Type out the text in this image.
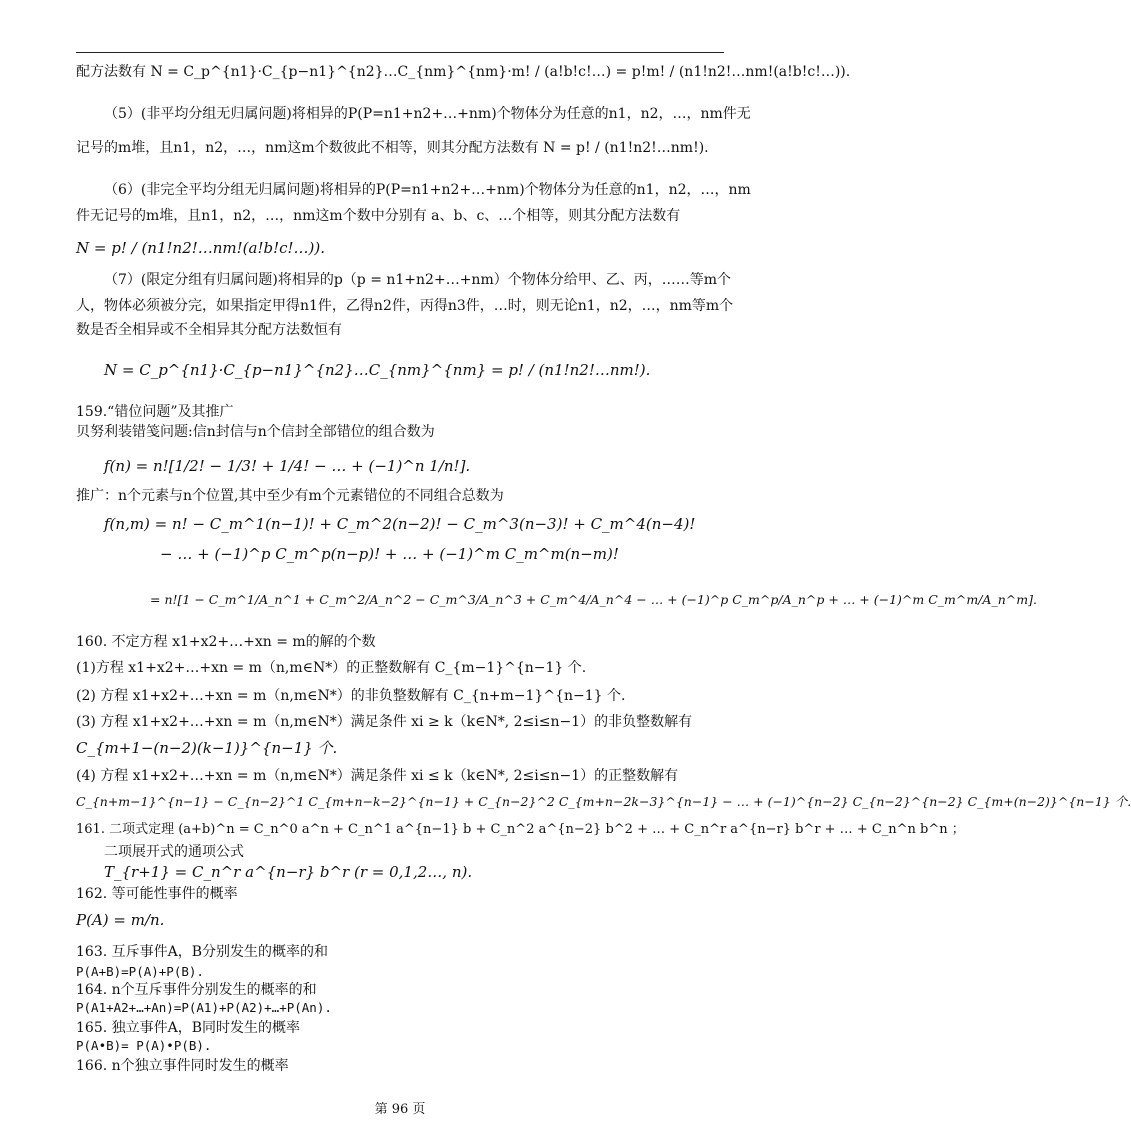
配方法数有 N = C_p^{n1}·C_{p−n1}^{n2}…C_{nm}^{nm}·m! / (a!b!c!…) = p!m! / (n1!n2!…nm!(a!b!c!…)).
（5）(非平均分组无归属问题)将相异的P(P=n1+n2+…+nm)个物体分为任意的n1，n2，…，nm件无
记号的m堆，且n1，n2，…，nm这m个数彼此不相等，则其分配方法数有 N = p! / (n1!n2!…nm!).
（6）(非完全平均分组无归属问题)将相异的P(P=n1+n2+…+nm)个物体分为任意的n1，n2，…，nm
件无记号的m堆，且n1，n2，…，nm这m个数中分别有 a、b、c、…个相等，则其分配方法数有
N = p! / (n1!n2!…nm!(a!b!c!…)).
（7）(限定分组有归属问题)将相异的p（p = n1+n2+…+nm）个物体分给甲、乙、丙，……等m个
人，物体必须被分完，如果指定甲得n1件，乙得n2件，丙得n3件，…时，则无论n1，n2，…，nm等m个
数是否全相异或不全相异其分配方法数恒有
N = C_p^{n1}·C_{p−n1}^{n2}…C_{nm}^{nm} = p! / (n1!n2!…nm!).
159.“错位问题”及其推广
贝努利装错笺问题:信n封信与n个信封全部错位的组合数为
f(n) = n![1/2! − 1/3! + 1/4! − … + (−1)^n 1/n!].
推广：n个元素与n个位置,其中至少有m个元素错位的不同组合总数为
f(n,m) = n! − C_m^1(n−1)! + C_m^2(n−2)! − C_m^3(n−3)! + C_m^4(n−4)!
− … + (−1)^p C_m^p(n−p)! + … + (−1)^m C_m^m(n−m)!
= n![1 − C_m^1/A_n^1 + C_m^2/A_n^2 − C_m^3/A_n^3 + C_m^4/A_n^4 − … + (−1)^p C_m^p/A_n^p + … + (−1)^m C_m^m/A_n^m].
160. 不定方程 x1+x2+…+xn = m的解的个数
(1)方程 x1+x2+…+xn = m（n,m∈N*）的正整数解有 C_{m−1}^{n−1} 个.
(2) 方程 x1+x2+…+xn = m（n,m∈N*）的非负整数解有 C_{n+m−1}^{n−1} 个.
(3) 方程 x1+x2+…+xn = m（n,m∈N*）满足条件 xi ≥ k（k∈N*, 2≤i≤n−1）的非负整数解有
C_{m+1−(n−2)(k−1)}^{n−1} 个.
(4) 方程 x1+x2+…+xn = m（n,m∈N*）满足条件 xi ≤ k（k∈N*, 2≤i≤n−1）的正整数解有
C_{n+m−1}^{n−1} − C_{n−2}^1 C_{m+n−k−2}^{n−1} + C_{n−2}^2 C_{m+n−2k−3}^{n−1} − … + (−1)^{n−2} C_{n−2}^{n−2} C_{m+(n−2)}^{n−1} 个.
161. 二项式定理 (a+b)^n = C_n^0 a^n + C_n^1 a^{n−1} b + C_n^2 a^{n−2} b^2 + … + C_n^r a^{n−r} b^r + … + C_n^n b^n ；
二项展开式的通项公式
T_{r+1} = C_n^r a^{n−r} b^r (r = 0,1,2…, n).
162. 等可能性事件的概率
P(A) = m/n.
163. 互斥事件A，B分别发生的概率的和
P(A+B)=P(A)+P(B).
164. n个互斥事件分别发生的概率的和
P(A1+A2+…+An)=P(A1)+P(A2)+…+P(An).
165. 独立事件A，B同时发生的概率
P(A•B)= P(A)•P(B).
166. n个独立事件同时发生的概率
第 96 页
